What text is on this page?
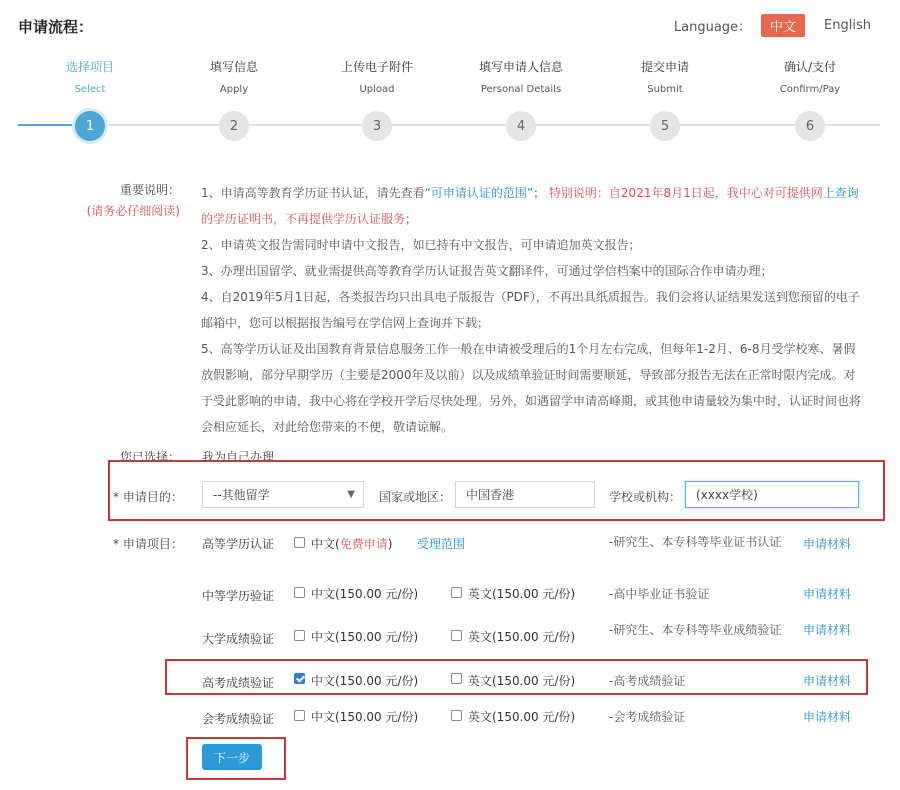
申请流程：	Language：	中文	English
选择项目
Select
1
填写信息
Apply
2
上传电子附件
Upload
3
填写申请人信息
Personal Details
4
提交申请
Submit
5
确认/支付
Confirm/Pay
6
重要说明：
(请务必仔细阅读)
1、申请高等教育学历证书认证，请先查看“可申请认证的范围”； 特别说明：自2021年8月1日起，我中心对可提供网上查询的学历证明书，不再提供学历认证服务；
2、申请英文报告需同时申请中文报告，如已持有中文报告，可申请追加英文报告；
3、办理出国留学、就业需提供高等教育学历认证报告英文翻译件，可通过学信档案中的国际合作申请办理；
4、自2019年5月1日起，各类报告均只出具电子版报告（PDF），不再出具纸质报告。我们会将认证结果发送到您预留的电子邮箱中，您可以根据报告编号在学信网上查询并下载；
5、高等学历认证及出国教育背景信息服务工作一般在申请被受理后的1个月左右完成，但每年1-2月、6-8月受学校寒、暑假放假影响，部分早期学历（主要是2000年及以前）以及成绩单验证时间需要顺延，导致部分报告无法在正常时限内完成。对于受此影响的申请，我中心将在学校开学后尽快处理。另外，如遇留学申请高峰期，或其他申请量较为集中时，认证时间也将会相应延长，对此给您带来的不便，敬请谅解。
您已选择： 我为自己办理
* 申请目的：	--其他留学	▼ 国家或地区： 中国香港	学校或机构： (xxxx学校)
* 申请项目： 高等学历认证	中文(免费申请) 受理范围	-研究生、本专科等毕业证书认证	申请材料
中等学历验证	中文(150.00 元/份)	英文(150.00 元/份)	-高中毕业证书验证	申请材料
大学成绩验证	中文(150.00 元/份)	英文(150.00 元/份)	-研究生、本专科等毕业成绩验证	申请材料
高考成绩验证	中文(150.00 元/份)	英文(150.00 元/份)	-高考成绩验证	申请材料
会考成绩验证	中文(150.00 元/份)	英文(150.00 元/份)	-会考成绩验证	申请材料
下一步
